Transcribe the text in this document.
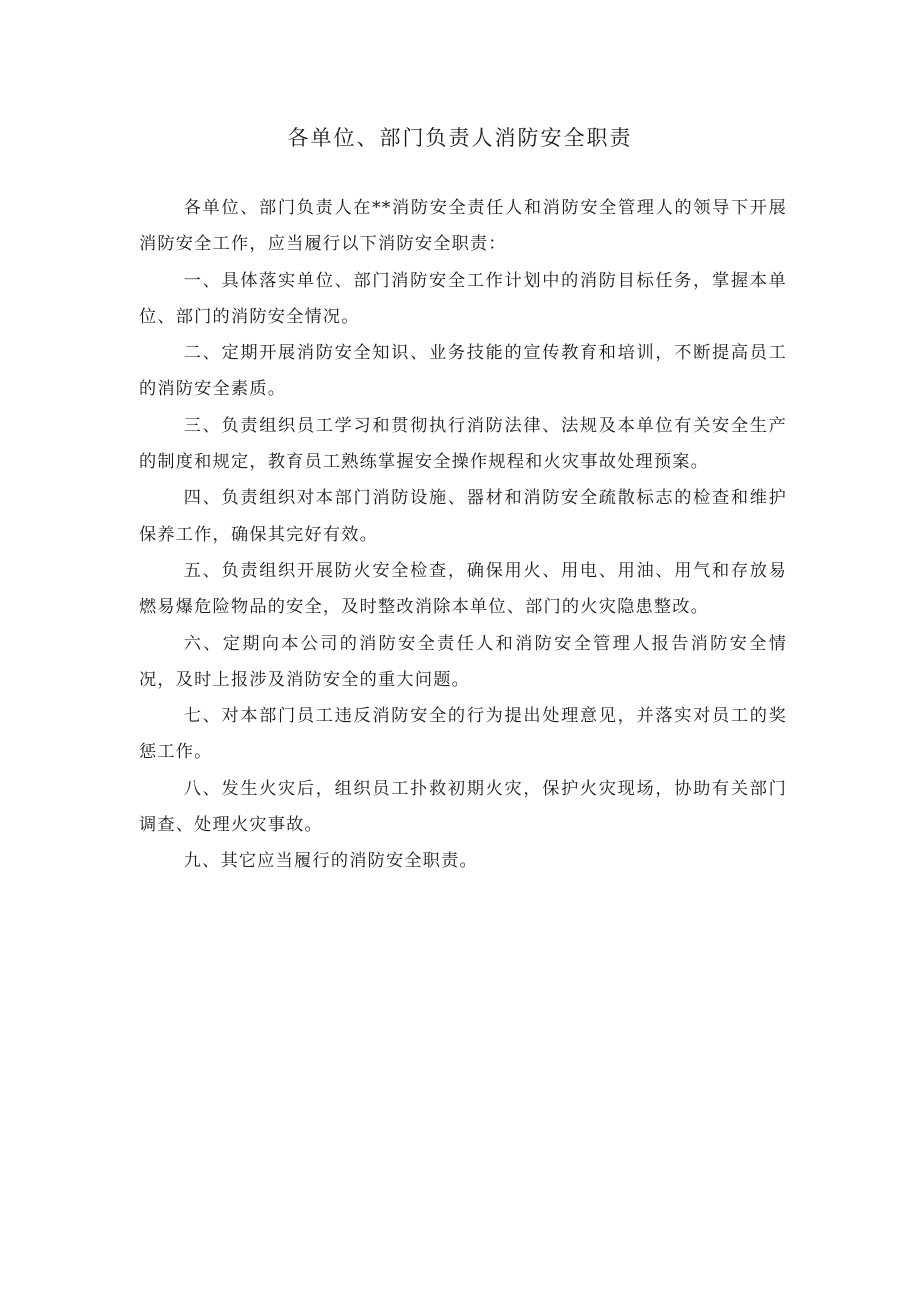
各单位、部门负责人消防安全职责

各单位、部门负责人在**消防安全责任人和消防安全管理人的领导下开展消防安全工作，应当履行以下消防安全职责：

一、具体落实单位、部门消防安全工作计划中的消防目标任务，掌握本单位、部门的消防安全情况。

二、定期开展消防安全知识、业务技能的宣传教育和培训，不断提高员工的消防安全素质。

三、负责组织员工学习和贯彻执行消防法律、法规及本单位有关安全生产的制度和规定，教育员工熟练掌握安全操作规程和火灾事故处理预案。

四、负责组织对本部门消防设施、器材和消防安全疏散标志的检查和维护保养工作，确保其完好有效。

五、负责组织开展防火安全检查，确保用火、用电、用油、用气和存放易燃易爆危险物品的安全，及时整改消除本单位、部门的火灾隐患整改。

六、定期向本公司的消防安全责任人和消防安全管理人报告消防安全情况，及时上报涉及消防安全的重大问题。

七、对本部门员工违反消防安全的行为提出处理意见，并落实对员工的奖惩工作。

八、发生火灾后，组织员工扑救初期火灾，保护火灾现场，协助有关部门调查、处理火灾事故。

九、其它应当履行的消防安全职责。
